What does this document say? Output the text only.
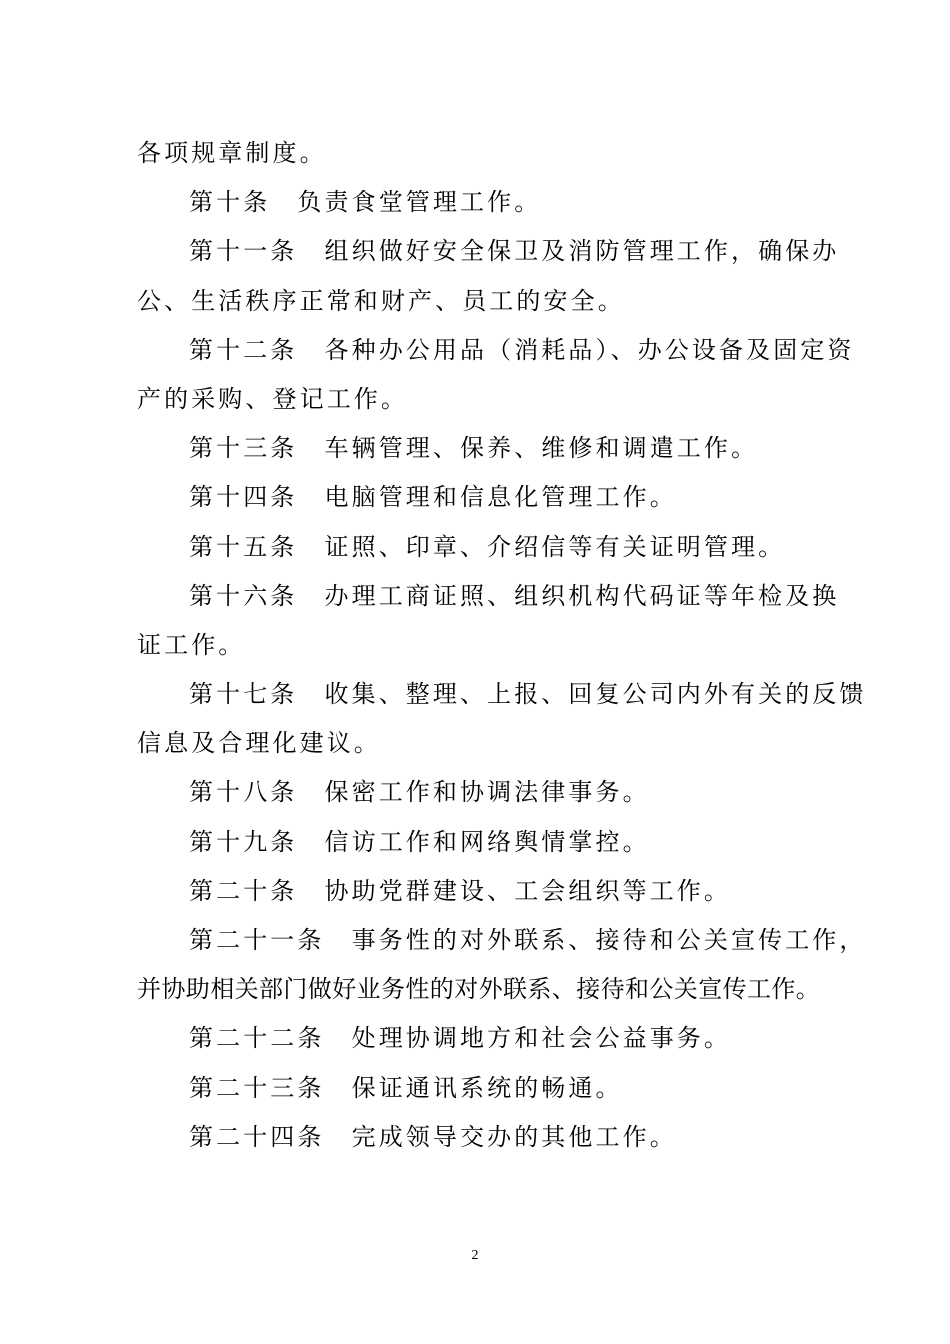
各项规章制度。
第十条　负责食堂管理工作。
第十一条　组织做好安全保卫及消防管理工作，确保办
公、生活秩序正常和财产、员工的安全。
第十二条　各种办公用品（消耗品）、办公设备及固定资
产的采购、登记工作。
第十三条　车辆管理、保养、维修和调遣工作。
第十四条　电脑管理和信息化管理工作。
第十五条　证照、印章、介绍信等有关证明管理。
第十六条　办理工商证照、组织机构代码证等年检及换
证工作。
第十七条　收集、整理、上报、回复公司内外有关的反馈
信息及合理化建议。
第十八条　保密工作和协调法律事务。
第十九条　信访工作和网络舆情掌控。
第二十条　协助党群建设、工会组织等工作。
第二十一条　事务性的对外联系、接待和公关宣传工作，
并协助相关部门做好业务性的对外联系、接待和公关宣传工作。
第二十二条　处理协调地方和社会公益事务。
第二十三条　保证通讯系统的畅通。
第二十四条　完成领导交办的其他工作。
2
